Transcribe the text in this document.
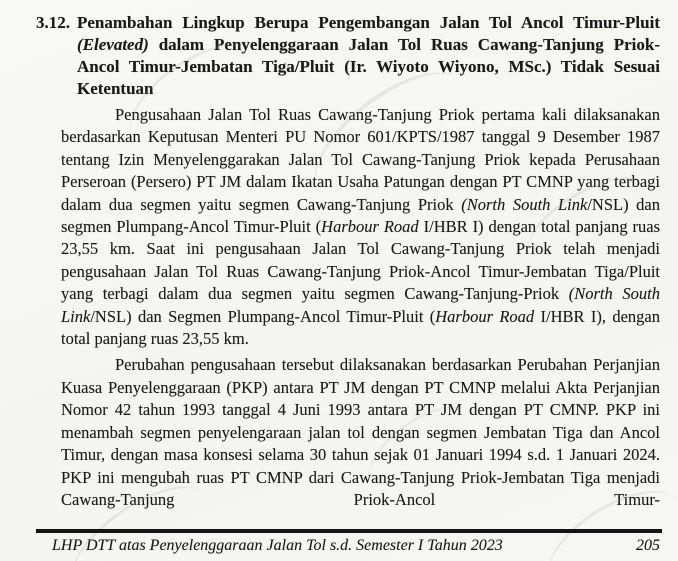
3.12. Penambahan Lingkup Berupa Pengembangan Jalan Tol Ancol Timur-Pluit (Elevated) dalam Penyelenggaraan Jalan Tol Ruas Cawang-Tanjung Priok-Ancol Timur-Jembatan Tiga/Pluit (Ir. Wiyoto Wiyono, MSc.) Tidak Sesuai Ketentuan

Pengusahaan Jalan Tol Ruas Cawang-Tanjung Priok pertama kali dilaksanakan berdasarkan Keputusan Menteri PU Nomor 601/KPTS/1987 tanggal 9 Desember 1987 tentang Izin Menyelenggarakan Jalan Tol Cawang-Tanjung Priok kepada Perusahaan Perseroan (Persero) PT JM dalam Ikatan Usaha Patungan dengan PT CMNP yang terbagi dalam dua segmen yaitu segmen Cawang-Tanjung Priok (North South Link/NSL) dan segmen Plumpang-Ancol Timur-Pluit (Harbour Road I/HBR I) dengan total panjang ruas 23,55 km. Saat ini pengusahaan Jalan Tol Cawang-Tanjung Priok telah menjadi pengusahaan Jalan Tol Ruas Cawang-Tanjung Priok-Ancol Timur-Jembatan Tiga/Pluit yang terbagi dalam dua segmen yaitu segmen Cawang-Tanjung-Priok (North South Link/NSL) dan Segmen Plumpang-Ancol Timur-Pluit (Harbour Road I/HBR I), dengan total panjang ruas 23,55 km.

Perubahan pengusahaan tersebut dilaksanakan berdasarkan Perubahan Perjanjian Kuasa Penyelenggaraan (PKP) antara PT JM dengan PT CMNP melalui Akta Perjanjian Nomor 42 tahun 1993 tanggal 4 Juni 1993 antara PT JM dengan PT CMNP. PKP ini menambah segmen penyelengaraan jalan tol dengan segmen Jembatan Tiga dan Ancol Timur, dengan masa konsesi selama 30 tahun sejak 01 Januari 1994 s.d. 1 Januari 2024. PKP ini mengubah ruas PT CMNP dari Cawang-Tanjung Priok-Jembatan Tiga menjadi Cawang-Tanjung Priok-Ancol Timur-

LHP DTT atas Penyelenggaraan Jalan Tol s.d. Semester I Tahun 2023	205
